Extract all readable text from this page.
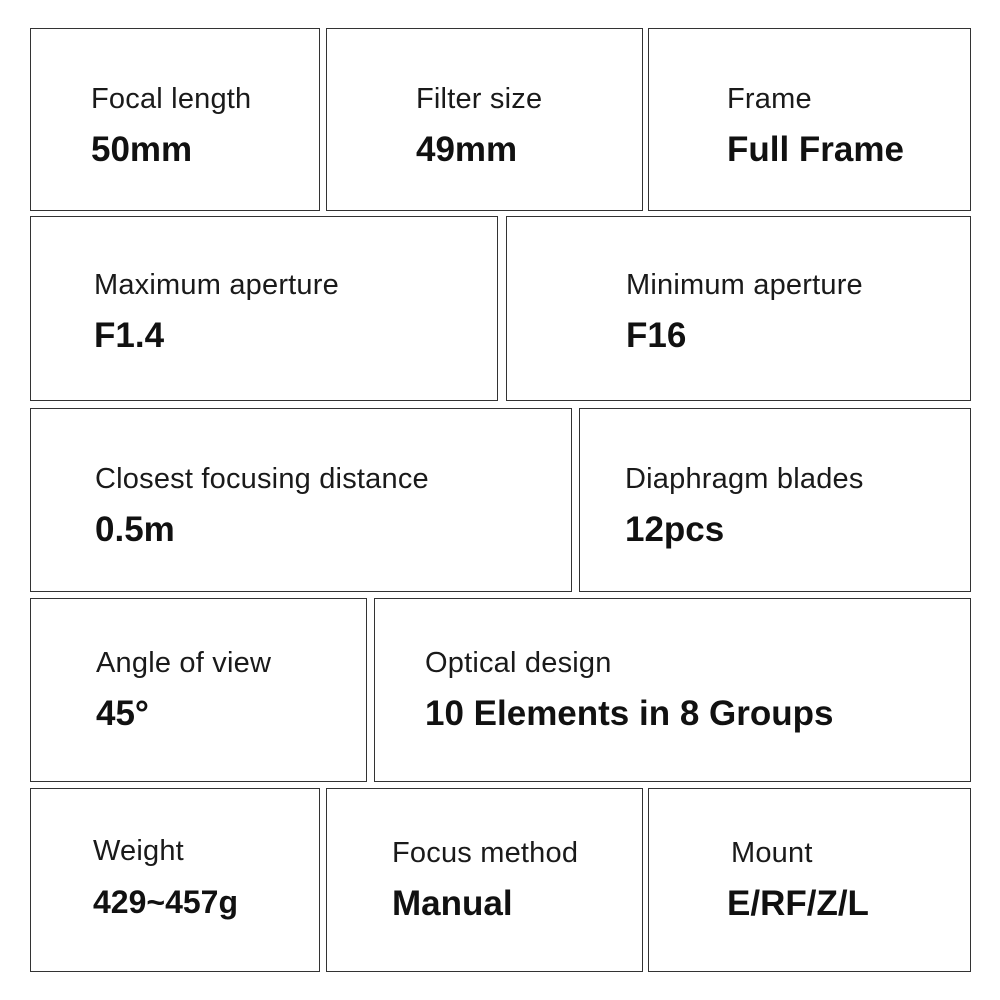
Focal length
50mm
Filter size
49mm
Frame
Full Frame
Maximum aperture
F1.4
Minimum aperture
F16
Closest focusing distance
0.5m
Diaphragm blades
12pcs
Angle of view
45°
Optical design
10 Elements in 8 Groups
Weight
429~457g
Focus method
Manual
Mount
E/RF/Z/L
